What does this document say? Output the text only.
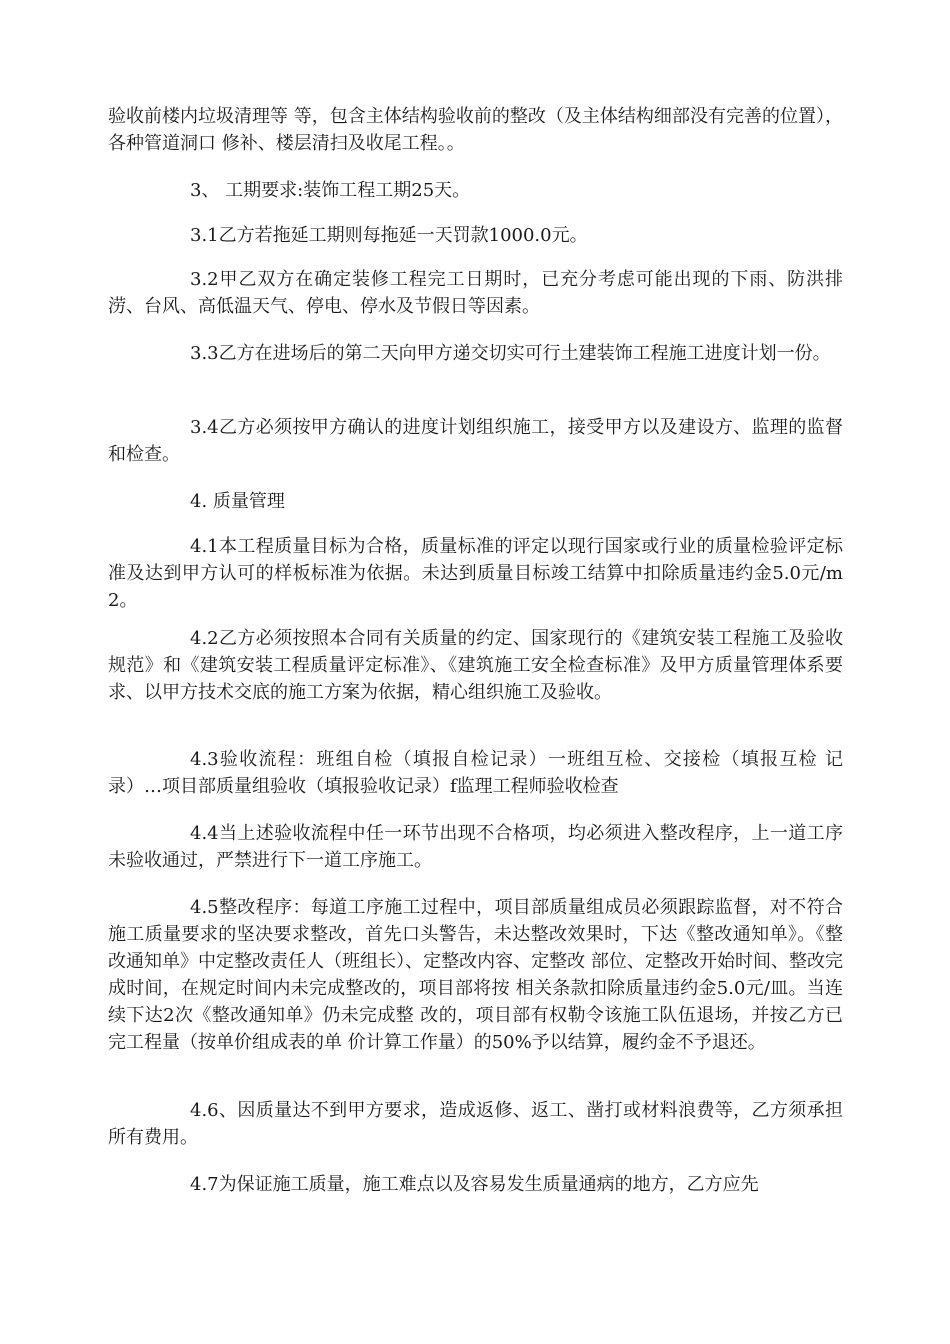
验收前楼内垃圾清理等 等，包含主体结构验收前的整改（及主体结构细部没有完善的位置），各种管道洞口 修补、楼层清扫及收尾工程。。

3、 工期要求:装饰工程工期25天。

3.1乙方若拖延工期则每拖延一天罚款1000.0元。

3.2甲乙双方在确定装修工程完工日期时，已充分考虑可能出现的下雨、防洪排涝、台风、高低温天气、停电、停水及节假日等因素。

3.3乙方在进场后的第二天向甲方递交切实可行土建装饰工程施工进度计划一份。

3.4乙方必须按甲方确认的进度计划组织施工，接受甲方以及建设方、监理的监督和检查。

4. 质量管理

4.1本工程质量目标为合格，质量标准的评定以现行国家或行业的质量检验评定标准及达到甲方认可的样板标准为依据。未达到质量目标竣工结算中扣除质量违约金5.0元/m2。

4.2乙方必须按照本合同有关质量的约定、国家现行的《建筑安装工程施工及验收规范》和《建筑安装工程质量评定标准》、《建筑施工安全检查标准》及甲方质量管理体系要求、以甲方技术交底的施工方案为依据，精心组织施工及验收。

4.3验收流程：班组自检（填报自检记录）一班组互检、交接检（填报互检 记录）…项目部质量组验收（填报验收记录）f监理工程师验收检查

4.4当上述验收流程中任一环节出现不合格项，均必须进入整改程序，上一道工序未验收通过，严禁进行下一道工序施工。

4.5整改程序：每道工序施工过程中，项目部质量组成员必须跟踪监督，对不符合施工质量要求的坚决要求整改，首先口头警告，未达整改效果时，下达《整改通知单》。《整改通知单》中定整改责任人（班组长）、定整改内容、定整改 部位、定整改开始时间、整改完成时间，在规定时间内未完成整改的，项目部将按 相关条款扣除质量违约金5.0元/皿。当连续下达2次《整改通知单》仍未完成整 改的，项目部有权勒令该施工队伍退场，并按乙方已完工程量（按单价组成表的单 价计算工作量）的50%予以结算，履约金不予退还。

4.6、因质量达不到甲方要求，造成返修、返工、凿打或材料浪费等，乙方须承担所有费用。

4.7为保证施工质量，施工难点以及容易发生质量通病的地方，乙方应先
